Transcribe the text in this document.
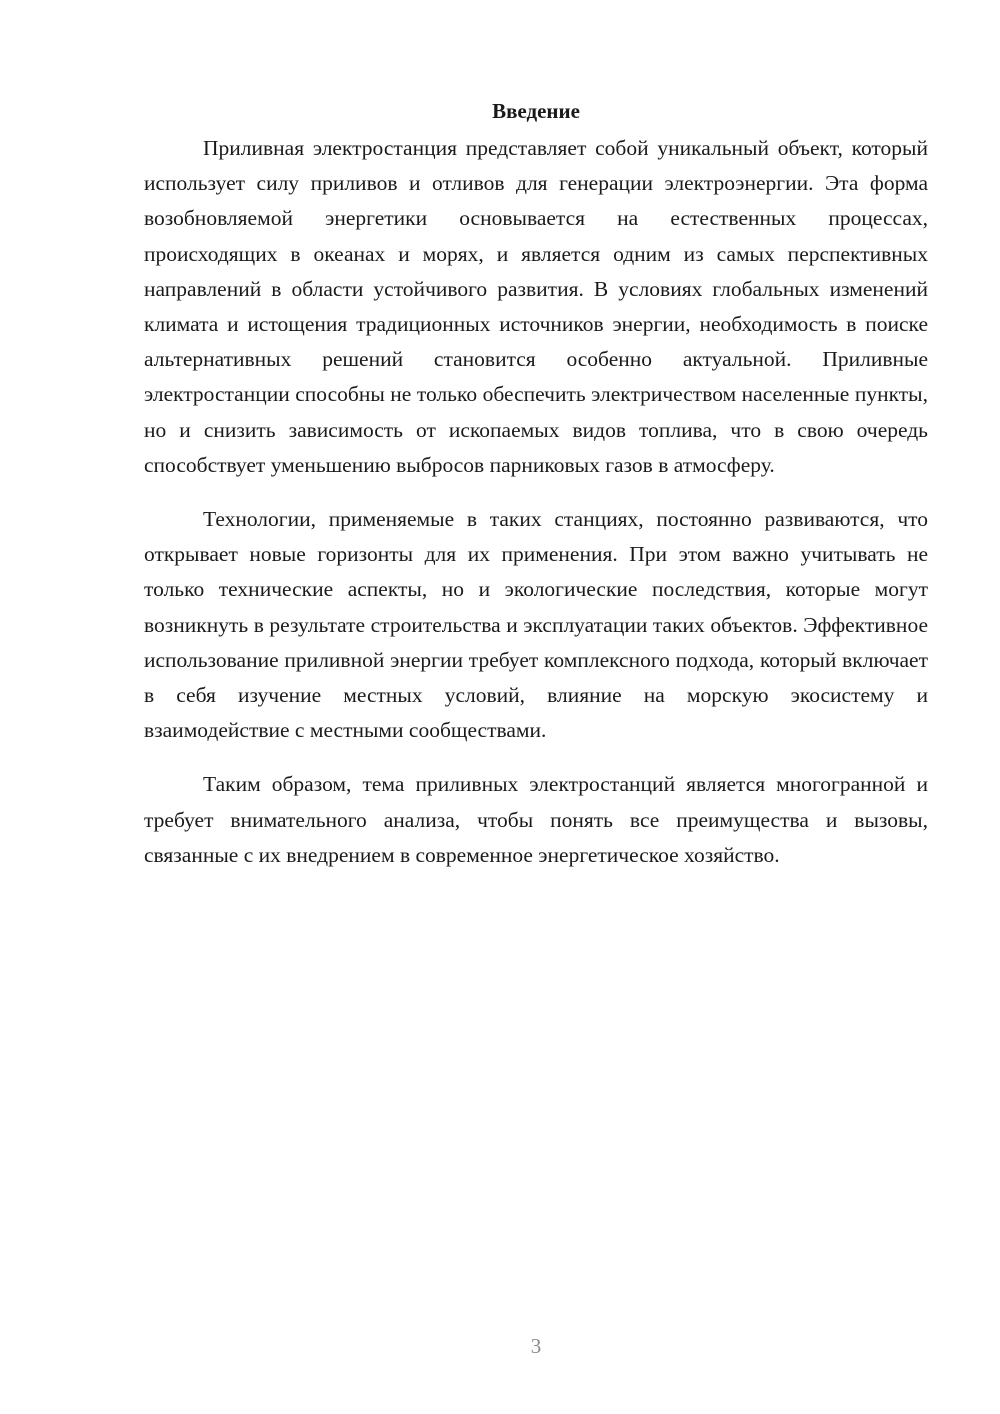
Введение

Приливная электростанция представляет собой уникальный объект, который использует силу приливов и отливов для генерации электроэнергии. Эта форма возобновляемой энергетики основывается на естественных процессах, происходящих в океанах и морях, и является одним из самых перспективных направлений в области устойчивого развития. В условиях глобальных изменений климата и истощения традиционных источников энергии, необходимость в поиске альтернативных решений становится особенно актуальной. Приливные электростанции способны не только обеспечить электричеством населенные пункты, но и снизить зависимость от ископаемых видов топлива, что в свою очередь способствует уменьшению выбросов парниковых газов в атмосферу.

Технологии, применяемые в таких станциях, постоянно развиваются, что открывает новые горизонты для их применения. При этом важно учитывать не только технические аспекты, но и экологические последствия, которые могут возникнуть в результате строительства и эксплуатации таких объектов. Эффективное использование приливной энергии требует комплексного подхода, который включает в себя изучение местных условий, влияние на морскую экосистему и взаимодействие с местными сообществами.

Таким образом, тема приливных электростанций является многогранной и требует внимательного анализа, чтобы понять все преимущества и вызовы, связанные с их внедрением в современное энергетическое хозяйство.

3
